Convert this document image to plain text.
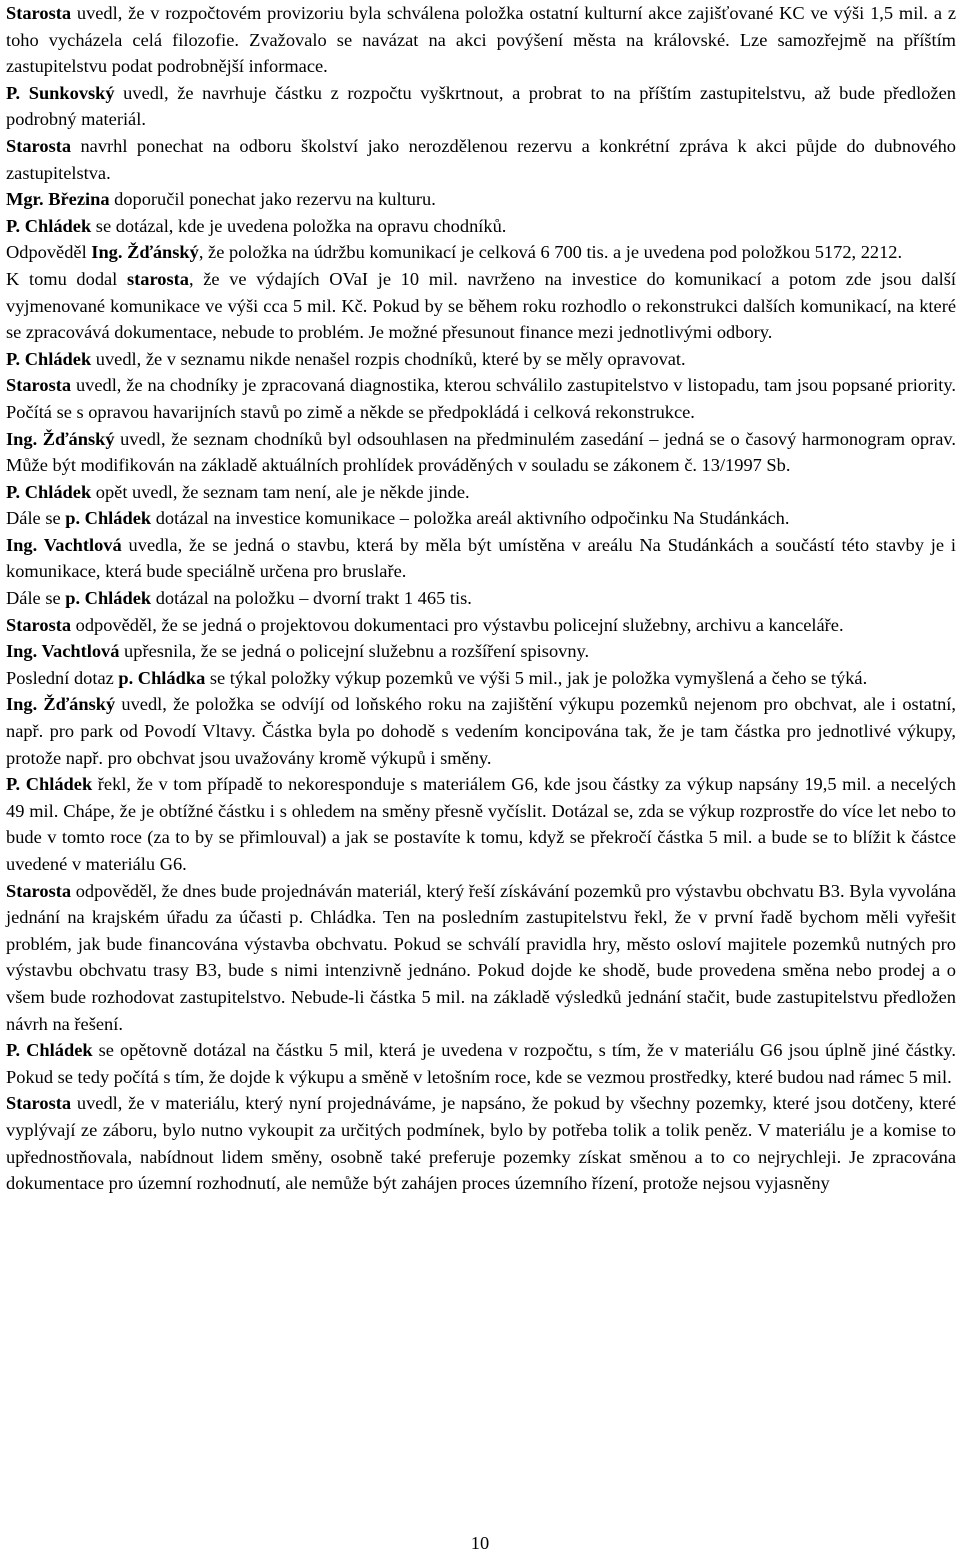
Starosta uvedl, že v rozpočtovém provizoriu byla schválena položka ostatní kulturní akce zajišťované KC ve výši 1,5 mil. a z toho vycházela celá filozofie. Zvažovalo se navázat na akci povýšení města na královské. Lze samozřejmě na příštím zastupitelstvu podat podrobnější informace.

P. Sunkovský uvedl, že navrhuje částku z rozpočtu vyškrtnout, a probrat to na příštím zastupitelstvu, až bude předložen podrobný materiál.

Starosta navrhl ponechat na odboru školství jako nerozdělenou rezervu a konkrétní zpráva k akci půjde do dubnového zastupitelstva.

Mgr. Březina doporučil ponechat jako rezervu na kulturu.

P. Chládek se dotázal, kde je uvedena položka na opravu chodníků.

Odpověděl Ing. Žďánský, že položka na údržbu komunikací je celková 6 700 tis. a je uvedena pod položkou 5172, 2212.

K tomu dodal starosta, že ve výdajích OVaI je 10 mil. navrženo na investice do komunikací a potom zde jsou další vyjmenované komunikace ve výši cca 5 mil. Kč. Pokud by se během roku rozhodlo o rekonstrukci dalších komunikací, na které se zpracovává dokumentace, nebude to problém. Je možné přesunout finance mezi jednotlivými odbory.

P. Chládek uvedl, že v seznamu nikde nenašel rozpis chodníků, které by se měly opravovat.

Starosta uvedl, že na chodníky je zpracovaná diagnostika, kterou schválilo zastupitelstvo v listopadu, tam jsou popsané priority. Počítá se s opravou havarijních stavů po zimě a někde se předpokládá i celková rekonstrukce.

Ing. Žďánský uvedl, že seznam chodníků byl odsouhlasen na předminulém zasedání – jedná se o časový harmonogram oprav. Může být modifikován na základě aktuálních prohlídek prováděných v souladu se zákonem č. 13/1997 Sb.

P. Chládek opět uvedl, že seznam tam není, ale je někde jinde.

Dále se p. Chládek dotázal na investice komunikace – položka areál aktivního odpočinku Na Studánkách.

Ing. Vachtlová uvedla, že se jedná o stavbu, která by měla být umístěna v areálu Na Studánkách a součástí této stavby je i komunikace, která bude speciálně určena pro bruslaře.

Dále se p. Chládek dotázal na položku – dvorní trakt 1 465 tis.

Starosta odpověděl, že se jedná o projektovou dokumentaci pro výstavbu policejní služebny, archivu a kanceláře.

Ing. Vachtlová upřesnila, že se jedná o policejní služebnu a rozšíření spisovny.

Poslední dotaz p. Chládka se týkal položky výkup pozemků ve výši 5 mil., jak je položka vymyšlená a čeho se týká.

Ing. Žďánský uvedl, že položka se odvíjí od loňského roku na zajištění výkupu pozemků nejenom pro obchvat, ale i ostatní, např. pro park od Povodí Vltavy. Částka byla po dohodě s vedením koncipována tak, že je tam částka pro jednotlivé výkupy, protože např. pro obchvat jsou uvažovány kromě výkupů i směny.

P. Chládek řekl, že v tom případě to nekoresponduje s materiálem G6, kde jsou částky za výkup napsány 19,5 mil. a necelých 49 mil. Chápe, že je obtížné částku i s ohledem na směny přesně vyčíslit. Dotázal se, zda se výkup rozprostře do více let nebo to bude v tomto roce (za to by se přimlouval) a jak se postavíte k tomu, když se překročí částka 5 mil. a bude se to blížit k částce uvedené v materiálu G6.

Starosta odpověděl, že dnes bude projednáván materiál, který řeší získávání pozemků pro výstavbu obchvatu B3. Byla vyvolána jednání na krajském úřadu za účasti p. Chládka. Ten na posledním zastupitelstvu řekl, že v první řadě bychom měli vyřešit problém, jak bude financována výstavba obchvatu. Pokud se schválí pravidla hry, město osloví majitele pozemků nutných pro výstavbu obchvatu trasy B3, bude s nimi intenzivně jednáno. Pokud dojde ke shodě, bude provedena směna nebo prodej a o všem bude rozhodovat zastupitelstvo. Nebude-li částka 5 mil. na základě výsledků jednání stačit, bude zastupitelstvu předložen návrh na řešení.

P. Chládek se opětovně dotázal na částku 5 mil, která je uvedena v rozpočtu, s tím, že v materiálu G6 jsou úplně jiné částky. Pokud se tedy počítá s tím, že dojde k výkupu a směně v letošním roce, kde se vezmou prostředky, které budou nad rámec 5 mil.

Starosta uvedl, že v materiálu, který nyní projednáváme, je napsáno, že pokud by všechny pozemky, které jsou dotčeny, které vyplývají ze záboru, bylo nutno vykoupit za určitých podmínek, bylo by potřeba tolik a tolik peněz. V materiálu je a komise to upřednostňovala, nabídnout lidem směny, osobně také preferuje pozemky získat směnou a to co nejrychleji. Je zpracována dokumentace pro územní rozhodnutí, ale nemůže být zahájen proces územního řízení, protože nejsou vyjasněny

10
